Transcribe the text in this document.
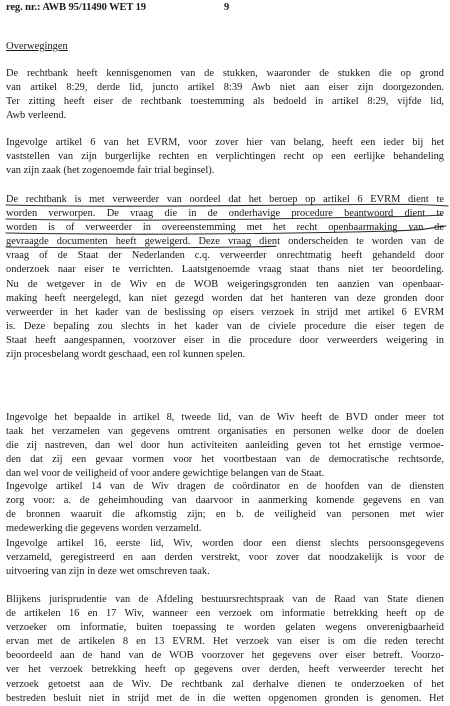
reg. nr.: AWB 95/11490 WET 19	9
Overwegingen
De rechtbank heeft kennisgenomen van de stukken, waaronder de stukken die op grond
van artikel 8:29, derde lid, juncto artikel 8:39 Awb niet aan eiser zijn doorgezonden.
Ter zitting heeft eiser de rechtbank toestemming als bedoeld in artikel 8:29, vijfde lid,
Awb verleend.
Ingevolge artikel 6 van het EVRM, voor zover hier van belang, heeft een ieder bij het
vaststellen van zijn burgerlijke rechten en verplichtingen recht op een eerlijke behandeling
van zijn zaak (het zogenoemde fair trial beginsel).
De rechtbank is met verweerder van oordeel dat het beroep op artikel 6 EVRM dient te
worden verworpen. De vraag die in de onderhavige procedure beantwoord dient te
worden is of verweerder in overeenstemming met het recht openbaarmaking van de
gevraagde documenten heeft geweigerd. Deze vraag dient onderscheiden te worden van de
vraag of de Staat der Nederlanden c.q. verweerder onrechtmatig heeft gehandeld door
onderzoek naar eiser te verrichten. Laatstgenoemde vraag staat thans niet ter beoordeling.
Nu de wetgever in de Wiv en de WOB weigeringsgronden ten aanzien van openbaar-
making heeft neergelegd, kan niet gezegd worden dat het hanteren van deze gronden door
verweerder in het kader van de beslissing op eisers verzoek in strijd met artikel 6 EVRM
is. Deze bepaling zou slechts in het kader van de civiele procedure die eiser tegen de
Staat heeft aangespannen, voorzover eiser in die procedure door verweerders weigering in
zijn procesbelang wordt geschaad, een rol kunnen spelen.
Ingevolge het bepaalde in artikel 8, tweede lid, van de Wiv heeft de BVD onder meer tot
taak het verzamelen van gegevens omtrent organisaties en personen welke door de doelen
die zij nastreven, dan wel door hun activiteiten aanleiding geven tot het ernstige vermoe-
den dat zij een gevaar vormen voor het voortbestaan van de democratische rechtsorde,
dan wel voor de veiligheid of voor andere gewichtige belangen van de Staat.
Ingevolge artikel 14 van de Wiv dragen de coördinator en de hoofden van de diensten
zorg voor: a. de geheimhouding van daarvoor in aanmerking komende gegevens en van
de bronnen waaruit die afkomstig zijn; en b. de veiligheid van personen met wier
medewerking die gegevens worden verzameld.
Ingevolge artikel 16, eerste lid, Wiv, worden door een dienst slechts persoonsgegevens
verzameld, geregistreerd en aan derden verstrekt, voor zover dat noodzakelijk is voor de
uitvoering van zijn in deze wet omschreven taak.
Blijkens jurisprudentie van de Afdeling bestuursrechtspraak van de Raad van State dienen
de artikelen 16 en 17 Wiv, wanneer een verzoek om informatie betrekking heeft op de
verzoeker om informatie, buiten toepassing te worden gelaten wegens onverenigbaarheid
ervan met de artikelen 8 en 13 EVRM. Het verzoek van eiser is om die reden terecht
beoordeeld aan de hand van de WOB voorzover het gegevens over eiser betreft. Voorzo-
ver het verzoek betrekking heeft op gegevens over derden, heeft verweerder terecht het
verzoek getoetst aan de Wiv. De rechtbank zal derhalve dienen te onderzoeken of het
bestreden besluit niet in strijd met de in die wetten opgenomen gronden is genomen. Het
